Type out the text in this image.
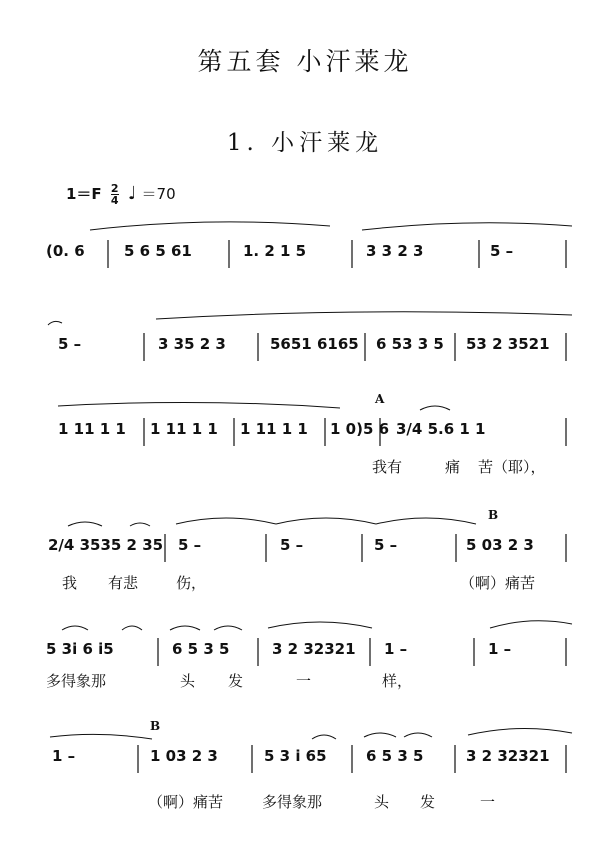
第五套 小汗莱龙
1. 小汗莱龙
$1=F \frac{2}{4}$ ♩ ＝70
(0. 6	5 6 5 61	1. 2 1 5	3 3 2 3	5 –
5 –	3 35 2 3	5651 6165 6 53 3 5 53 2 3521
A
1 11 1 1 1 11 1 1 1 11 1 1 1 0)5 6 3/4 5.6 1 1
我有	痛 苦（耶），
B
2/4 3535 2 35 5 –	5 –	5 –	5 03 2 3
我 有悲	伤，	（啊）痛苦
5 3i 6 i5	6 5 3 5	3 2 32321 1 –	1 –
多得象那	头 发	一	样，
B
1 –	1 03 2 3	5 3 i 65	6 5 3 5	3 2 32321
（啊）痛苦	多得象那	头 发	一
